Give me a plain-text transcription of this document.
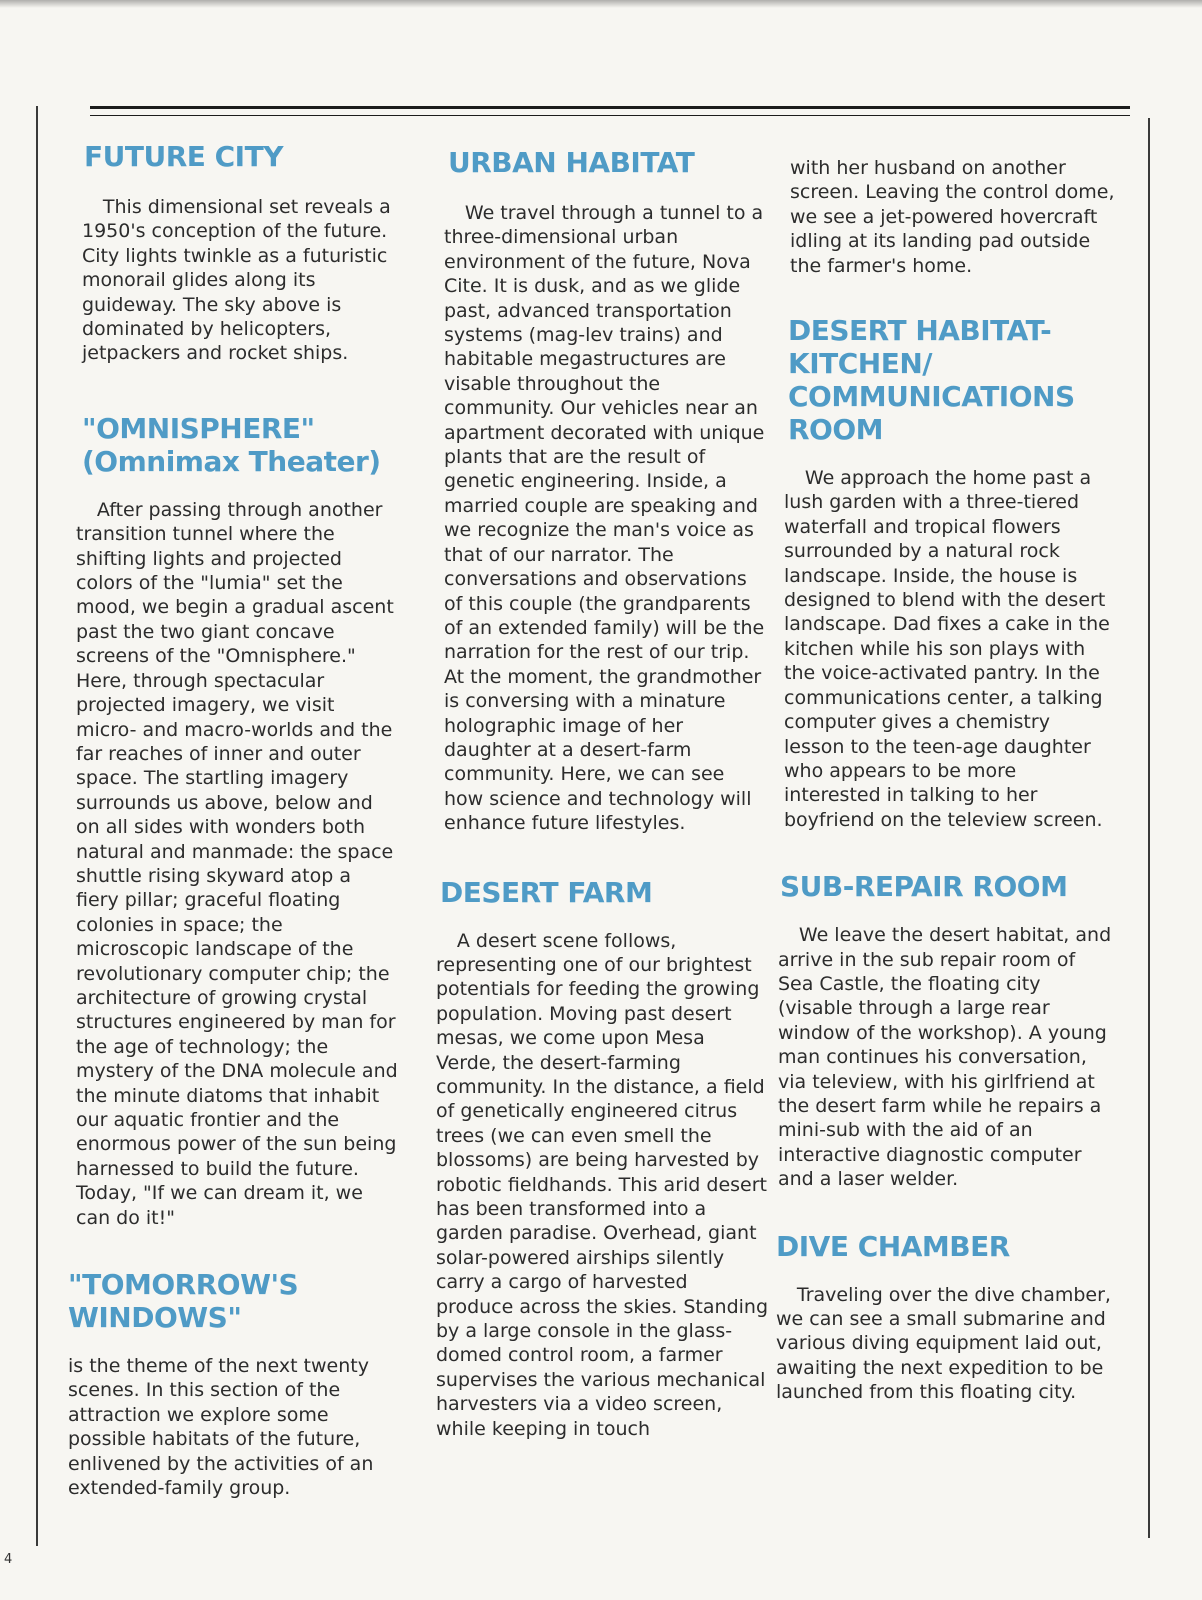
FUTURE CITY

This dimensional set reveals a 1950's conception of the future. City lights twinkle as a futuristic monorail glides along its guideway. The sky above is dominated by helicopters, jetpackers and rocket ships.

"OMNISPHERE" (Omnimax Theater)

After passing through another transition tunnel where the shifting lights and projected colors of the "lumia" set the mood, we begin a gradual ascent past the two giant concave screens of the "Omnisphere." Here, through spectacular projected imagery, we visit micro- and macro-worlds and the far reaches of inner and outer space. The startling imagery surrounds us above, below and on all sides with wonders both natural and manmade: the space shuttle rising skyward atop a fiery pillar; graceful floating colonies in space; the microscopic landscape of the revolutionary computer chip; the architecture of growing crystal structures engineered by man for the age of technology; the mystery of the DNA molecule and the minute diatoms that inhabit our aquatic frontier and the enormous power of the sun being harnessed to build the future. Today, "If we can dream it, we can do it!"

"TOMORROW'S WINDOWS"

is the theme of the next twenty scenes. In this section of the attraction we explore some possible habitats of the future, enlivened by the activities of an extended-family group.

URBAN HABITAT

We travel through a tunnel to a three-dimensional urban environment of the future, Nova Cite. It is dusk, and as we glide past, advanced transportation systems (mag-lev trains) and habitable megastructures are visable throughout the community. Our vehicles near an apartment decorated with unique plants that are the result of genetic engineering. Inside, a married couple are speaking and we recognize the man's voice as that of our narrator. The conversations and observations of this couple (the grandparents of an extended family) will be the narration for the rest of our trip. At the moment, the grandmother is conversing with a minature holographic image of her daughter at a desert-farm community. Here, we can see how science and technology will enhance future lifestyles.

DESERT FARM

A desert scene follows, representing one of our brightest potentials for feeding the growing population. Moving past desert mesas, we come upon Mesa Verde, the desert-farming community. In the distance, a field of genetically engineered citrus trees (we can even smell the blossoms) are being harvested by robotic fieldhands. This arid desert has been transformed into a garden paradise. Overhead, giant solar-powered airships silently carry a cargo of harvested produce across the skies. Standing by a large console in the glass-domed control room, a farmer supervises the various mechanical harvesters via a video screen, while keeping in touch

with her husband on another screen. Leaving the control dome, we see a jet-powered hovercraft idling at its landing pad outside the farmer's home.

DESERT HABITAT-KITCHEN/ COMMUNICATIONS ROOM

We approach the home past a lush garden with a three-tiered waterfall and tropical flowers surrounded by a natural rock landscape. Inside, the house is designed to blend with the desert landscape. Dad fixes a cake in the kitchen while his son plays with the voice-activated pantry. In the communications center, a talking computer gives a chemistry lesson to the teen-age daughter who appears to be more interested in talking to her boyfriend on the teleview screen.

SUB-REPAIR ROOM

We leave the desert habitat, and arrive in the sub repair room of Sea Castle, the floating city (visable through a large rear window of the workshop). A young man continues his conversation, via teleview, with his girlfriend at the desert farm while he repairs a mini-sub with the aid of an interactive diagnostic computer and a laser welder.

DIVE CHAMBER

Traveling over the dive chamber, we can see a small submarine and various diving equipment laid out, awaiting the next expedition to be launched from this floating city.

4
